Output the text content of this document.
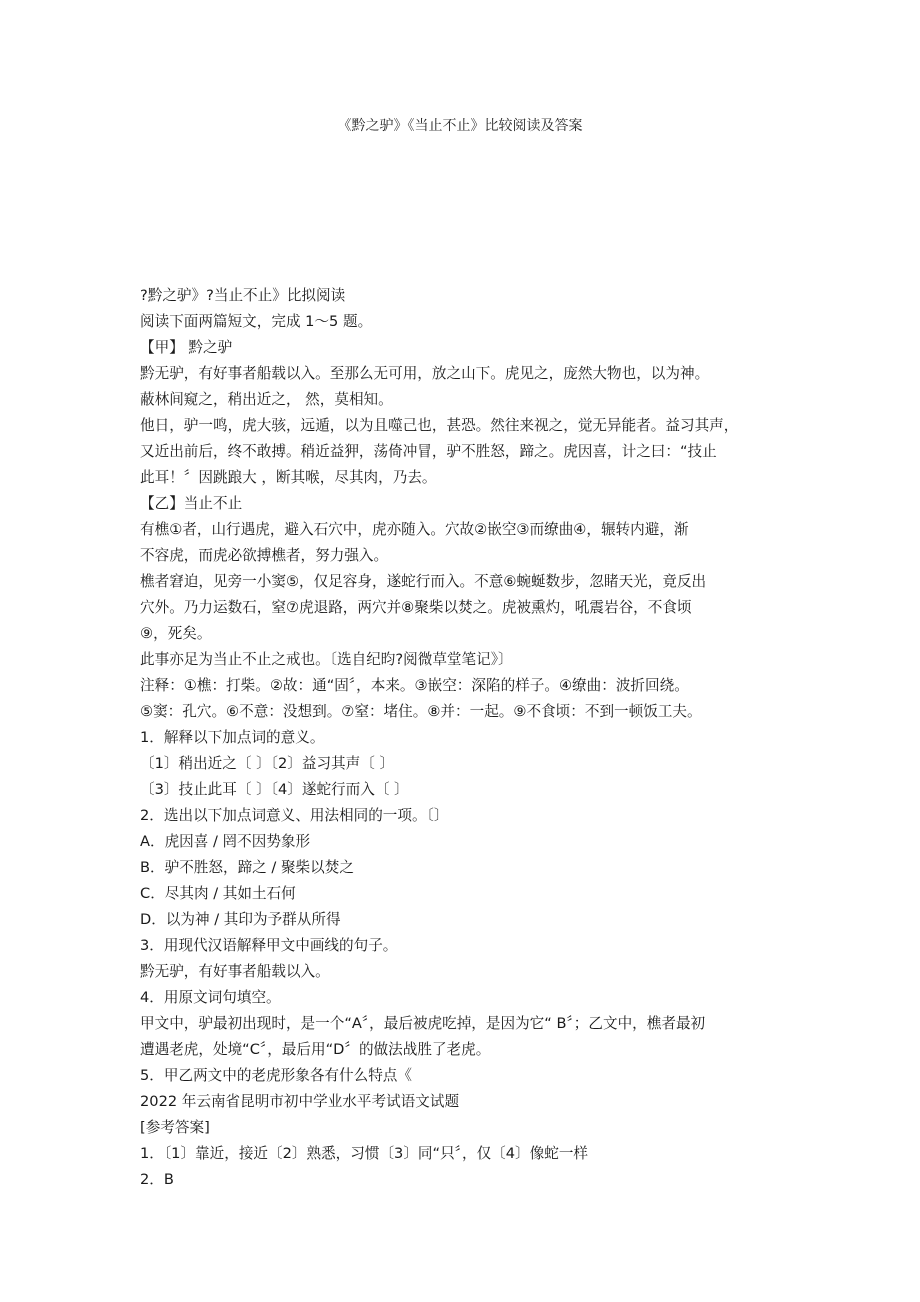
《黔之驴》《当止不止》比较阅读及答案
?黔之驴》?当止不止》比拟阅读
阅读下面两篇短文，完成 1～5 题。
【甲】 黔之驴
黔无驴，有好事者船载以入。至那么无可用，放之山下。虎见之，庞然大物也，以为神。
蔽林间窥之，稍出近之， 然，莫相知。
他日，驴一鸣，虎大骇，远遁，以为且噬己也，甚恐。然往来视之，觉无异能者。益习其声，
又近出前后，终不敢搏。稍近益狎，荡倚冲冒，驴不胜怒，蹄之。虎因喜，计之曰：“技止
此耳！〞因跳踉大 ，断其喉，尽其肉，乃去。
【乙】当止不止
有樵①者，山行遇虎，避入石穴中，虎亦随入。穴故②嵌空③而缭曲④，辗转内避，渐
不容虎，而虎必欲搏樵者，努力强入。
樵者窘迫，见旁一小窦⑤，仅足容身，遂蛇行而入。不意⑥蜿蜒数步，忽睹天光，竟反出
穴外。乃力运数石，窒⑦虎退路，两穴并⑧聚柴以焚之。虎被熏灼，吼震岩谷，不食顷
⑨，死矣。
此事亦足为当止不止之戒也。〔选自纪昀?阅微草堂笔记》〕
注释：①樵：打柴。②故：通“固〞，本来。③嵌空：深陷的样子。④缭曲：波折回绕。
⑤窦：孔穴。⑥不意：没想到。⑦窒：堵住。⑧并：一起。⑨不食顷：不到一顿饭工夫。
1．解释以下加点词的意义。
〔1〕稍出近之〔 〕〔2〕益习其声〔 〕
〔3〕技止此耳〔 〕〔4〕遂蛇行而入〔 〕
2．选出以下加点词意义、用法相同的一项。〔〕
A．虎因喜 / 罔不因势象形
B．驴不胜怒，蹄之 / 聚柴以焚之
C．尽其肉 / 其如土石何
D．以为神 / 其印为予群从所得
3．用现代汉语解释甲文中画线的句子。
黔无驴，有好事者船载以入。
4．用原文词句填空。
甲文中，驴最初出现时，是一个“A〞，最后被虎吃掉，是因为它“ B〞；乙文中，樵者最初
遭遇老虎，处境“C〞，最后用“D〞的做法战胜了老虎。
5．甲乙两文中的老虎形象各有什么特点《
2022 年云南省昆明市初中学业水平考试语文试题
[参考答案]
1．〔1〕靠近，接近〔2〕熟悉，习惯〔3〕同“只〞，仅〔4〕像蛇一样
2．B
